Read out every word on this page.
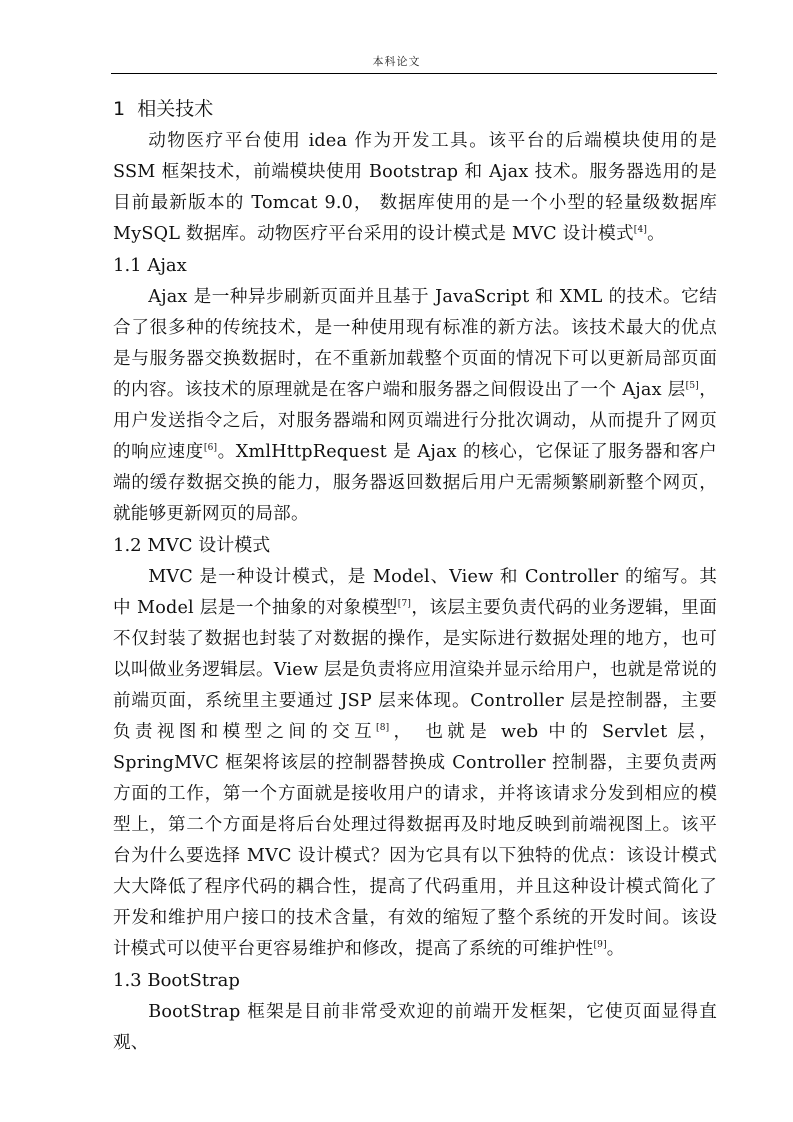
本科论文
1 相关技术

动物医疗平台使用 idea 作为开发工具。该平台的后端模块使用的是 SSM 框架技术，前端模块使用 Bootstrap 和 Ajax 技术。服务器选用的是目前最新版本的 Tomcat 9.0， 数据库使用的是一个小型的轻量级数据库 MySQL 数据库。动物医疗平台采用的设计模式是 MVC 设计模式[4]。

1.1 Ajax

Ajax 是一种异步刷新页面并且基于 JavaScript 和 XML 的技术。它结合了很多种的传统技术，是一种使用现有标准的新方法。该技术最大的优点是与服务器交换数据时，在不重新加载整个页面的情况下可以更新局部页面的内容。该技术的原理就是在客户端和服务器之间假设出了一个 Ajax 层[5]，用户发送指令之后，对服务器端和网页端进行分批次调动，从而提升了网页的响应速度[6]。XmlHttpRequest 是 Ajax 的核心，它保证了服务器和客户端的缓存数据交换的能力，服务器返回数据后用户无需频繁刷新整个网页，就能够更新网页的局部。

1.2 MVC 设计模式

MVC 是一种设计模式，是 Model、View 和 Controller 的缩写。其中 Model 层是一个抽象的对象模型[7]，该层主要负责代码的业务逻辑，里面不仅封装了数据也封装了对数据的操作，是实际进行数据处理的地方，也可以叫做业务逻辑层。View 层是负责将应用渲染并显示给用户，也就是常说的前端页面，系统里主要通过 JSP 层来体现。Controller 层是控制器，主要负责视图和模型之间的交互[8]， 也就是 web 中的 Servlet 层，SpringMVC 框架将该层的控制器替换成 Controller 控制器，主要负责两方面的工作，第一个方面就是接收用户的请求，并将该请求分发到相应的模型上，第二个方面是将后台处理过得数据再及时地反映到前端视图上。该平台为什么要选择 MVC 设计模式？因为它具有以下独特的优点：该设计模式大大降低了程序代码的耦合性，提高了代码重用，并且这种设计模式简化了开发和维护用户接口的技术含量，有效的缩短了整个系统的开发时间。该设计模式可以使平台更容易维护和修改，提高了系统的可维护性[9]。

1.3 BootStrap

BootStrap 框架是目前非常受欢迎的前端开发框架，它使页面显得直观、
